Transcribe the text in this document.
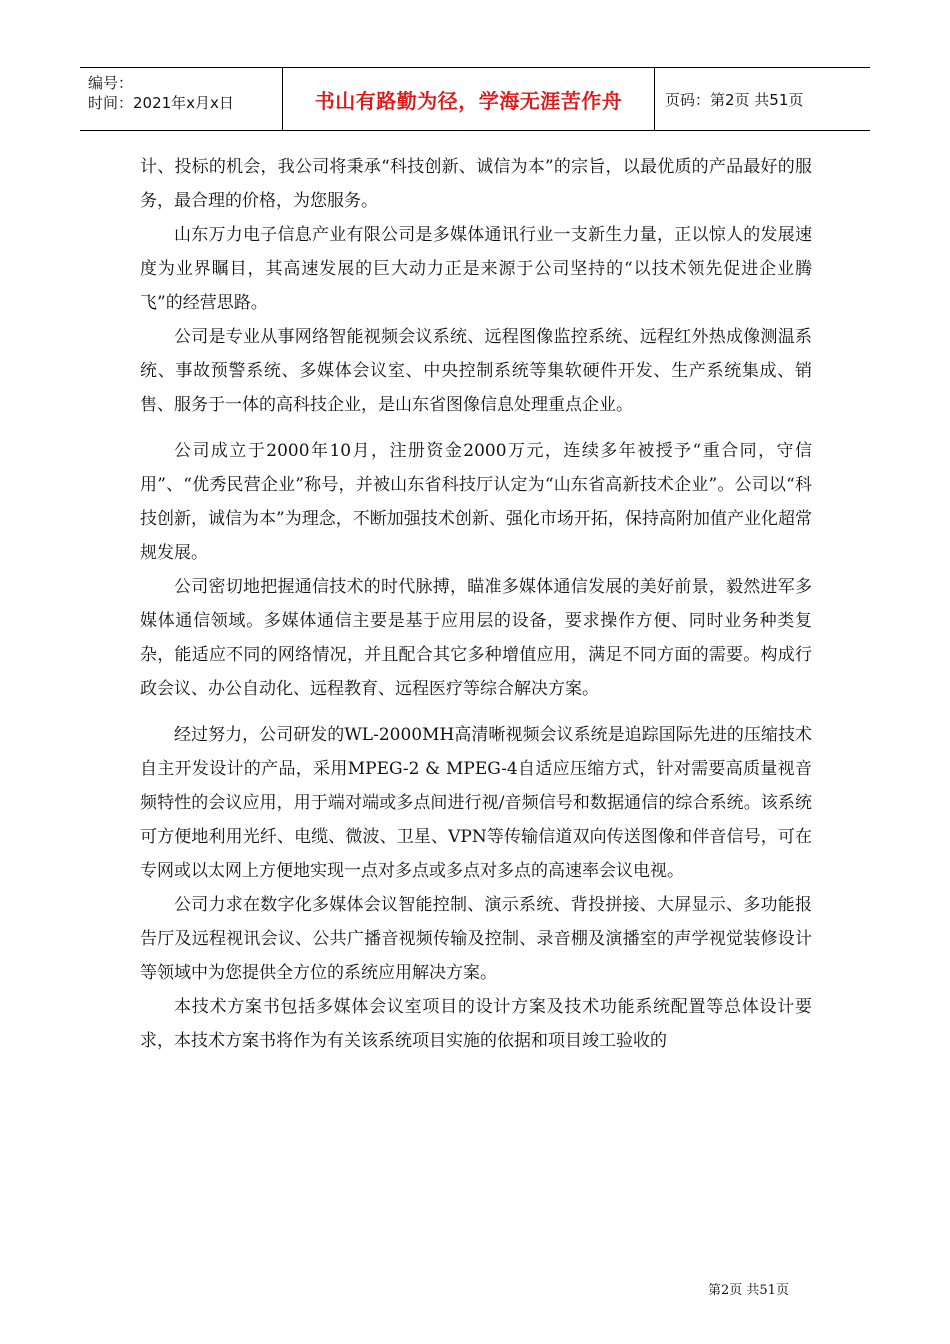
编号：
时间：2021年x月x日	书山有路勤为径，学海无涯苦作舟	页码：第2页 共51页

计、投标的机会，我公司将秉承“科技创新、诚信为本”的宗旨，以最优质的产品最好的服务，最合理的价格，为您服务。

山东万力电子信息产业有限公司是多媒体通讯行业一支新生力量，正以惊人的发展速度为业界瞩目，其高速发展的巨大动力正是来源于公司坚持的“以技术领先促进企业腾飞”的经营思路。

公司是专业从事网络智能视频会议系统、远程图像监控系统、远程红外热成像测温系统、事故预警系统、多媒体会议室、中央控制系统等集软硬件开发、生产系统集成、销售、服务于一体的高科技企业，是山东省图像信息处理重点企业。

公司成立于2000年10月，注册资金2000万元，连续多年被授予“重合同，守信用”、“优秀民营企业”称号，并被山东省科技厅认定为“山东省高新技术企业”。公司以“科技创新，诚信为本”为理念，不断加强技术创新、强化市场开拓，保持高附加值产业化超常规发展。

公司密切地把握通信技术的时代脉搏，瞄准多媒体通信发展的美好前景，毅然进军多媒体通信领域。多媒体通信主要是基于应用层的设备，要求操作方便、同时业务种类复杂，能适应不同的网络情况，并且配合其它多种增值应用，满足不同方面的需要。构成行政会议、办公自动化、远程教育、远程医疗等综合解决方案。

经过努力，公司研发的WL-2000MH高清晰视频会议系统是追踪国际先进的压缩技术自主开发设计的产品，采用MPEG-2 & MPEG-4自适应压缩方式，针对需要高质量视音频特性的会议应用，用于端对端或多点间进行视/音频信号和数据通信的综合系统。该系统可方便地利用光纤、电缆、微波、卫星、VPN等传输信道双向传送图像和伴音信号，可在专网或以太网上方便地实现一点对多点或多点对多点的高速率会议电视。

公司力求在数字化多媒体会议智能控制、演示系统、背投拼接、大屏显示、多功能报告厅及远程视讯会议、公共广播音视频传输及控制、录音棚及演播室的声学视觉装修设计等领域中为您提供全方位的系统应用解决方案。

本技术方案书包括多媒体会议室项目的设计方案及技术功能系统配置等总体设计要求，本技术方案书将作为有关该系统项目实施的依据和项目竣工验收的

第2页 共51页
